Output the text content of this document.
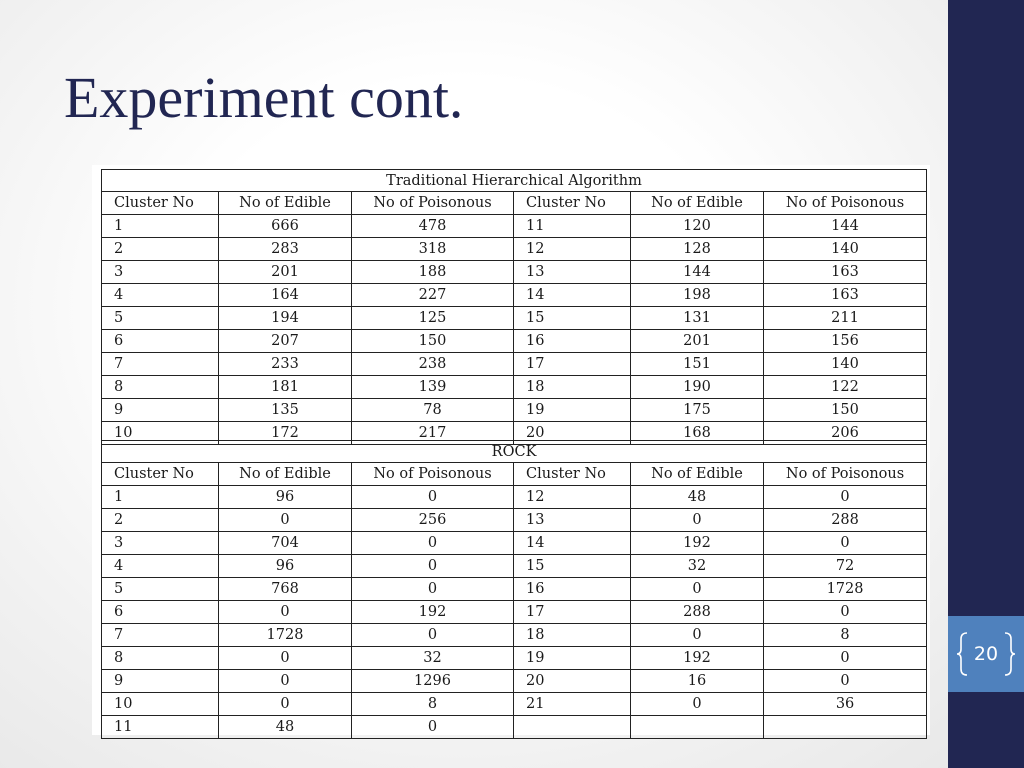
20
Experiment cont.
Traditional Hierarchical Algorithm					
Cluster No	No of Edible	No of Poisonous	Cluster No	No of Edible	No of Poisonous
1	666	478	11	120	144
2	283	318	12	128	140
3	201	188	13	144	163
4	164	227	14	198	163
5	194	125	15	131	211
6	207	150	16	201	156
7	233	238	17	151	140
8	181	139	18	190	122
9	135	78	19	175	150
10	172	217	20	168	206
ROCK					
Cluster No	No of Edible	No of Poisonous	Cluster No	No of Edible	No of Poisonous
1	96	0	12	48	0
2	0	256	13	0	288
3	704	0	14	192	0
4	96	0	15	32	72
5	768	0	16	0	1728
6	0	192	17	288	0
7	1728	0	18	0	8
8	0	32	19	192	0
9	0	1296	20	16	0
10	0	8	21	0	36
11	48	0			
